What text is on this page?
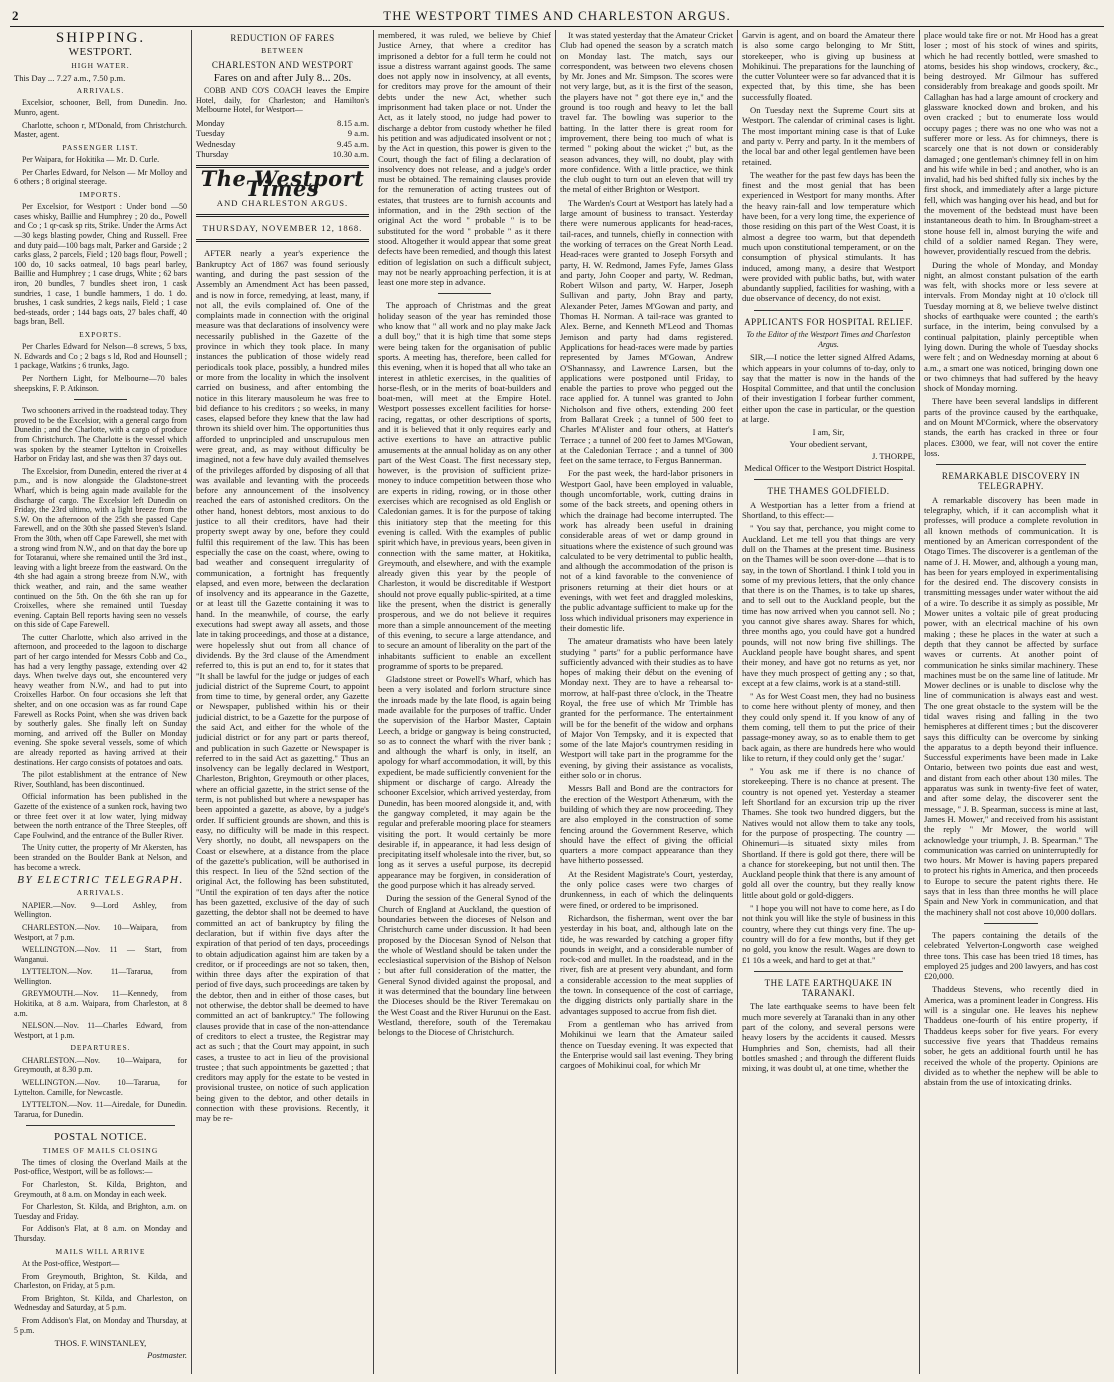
2	THE WESTPORT TIMES AND CHARLESTON ARGUS.
SHIPPING.
WESTPORT.
HIGH WATER.

This Day ... 7.27 a.m., 7.50 p.m.

ARRIVALS.

Excelsior, schooner, Bell, from Dunedin. Jno. Munro, agent.

Charlotte, schoon r, M'Donald, from Christchurch. Master, agent.

PASSENGER LIST.

Per Waipara, for Hokitika — Mr. D. Curle.

Per Charles Edward, for Nelson — Mr Molloy and 6 others ; 8 original steerage.

IMPORTS.

Per Excelsior, for Westport : Under bond —50 cases whisky, Baillie and Humphrey ; 20 do., Powell and Co ; 1 qr-cask sp rits, Strike. Under the Arms Act—30 kegs blasting powder, Ching and Russell. Free and duty paid—100 bags malt, Parker and Garside ; 2 carks glass, 2 parcels, Field ; 120 bags flour, Powell ; 100 do, 10 sacks oatmeal, 10 bags pearl barley, Baillie and Humphrey ; 1 case drugs, White ; 62 bars iron, 20 bundles, 7 bundles sheet iron, 1 cask sundries, 1 case, 1 bundle hammers, 1 do. 1 do. brushes, 1 cask sundries, 2 kegs nails, Field ; 1 case bed-steads, order ; 144 bags oats, 27 bales chaff, 40 bags bran, Bell.

EXPORTS.

Per Charles Edward for Nelson—8 screws, 5 bxs, N. Edwards and Co ; 2 bags s ld, Rod and Hounsell ; 1 package, Watkins ; 6 trunks, Jago.

Per Northern Light, for Melbourne—70 bales sheepskins, F. P. Atkinson.

Two schooners arrived in the roadstead today. They proved to be the Excelsior, with a general cargo from Dunedin ; and the Charlotte, with a cargo of produce from Christchurch. The Charlotte is the vessel which was spoken by the steamer Lyttelton in Croixelles Harbor on Friday last, and she was then 37 days out.

The Excelsior, from Dunedin, entered the river at 4 p.m., and is now alongside the Gladstone-street Wharf, which is being again made available for the discharge of cargo. The Excelsior left Dunedin on Friday, the 23rd ultimo, with a light breeze from the S.W. On the afternoon of the 25th she passed Cape Farewell, and on the 30th she passed Steven's Island. From the 30th, when off Cape Farewell, she met with a strong wind from N.W., and on that day the bore up for Totaranui, where she remained until the 3rd inst., leaving with a light breeze from the eastward. On the 4th she had again a strong breeze from N.W., with thick weather, and rain, and the same weather continued on the 5th. On the 6th she ran up for Croixelles, where she remained until Tuesday evening. Captain Bell reports having seen no vessels on this side of Cape Farewell.

The cutter Charlotte, which also arrived in the afternoon, and proceeded to the lagoon to discharge part of her cargo intended for Messrs Cobb and Co., has had a very lengthy passage, extending over 42 days. When twelve days out, she encountered very heavy weather from N.W., and had to put into Croixelles Harbor. On four occasions she left that shelter, and on one occasion was as far round Cape Farewell as Rocks Point, when she was driven back by southerly gales. She finally left on Sunday morning, and arrived off the Buller on Monday evening. She spoke several vessels, some of which are already reported as having arrived at their destinations. Her cargo consists of potatoes and oats.

The pilot establishment at the entrance of New River, Southland, has been discontinued.

Official information has been published in the Gazette of the existence of a sunken rock, having two or three feet over it at low water, lying midway between the north entrance of the Three Steeples, off Cape Foulwind, and the entrance of the Buller River.

The Unity cutter, the property of Mr Akersten, has been stranded on the Boulder Bank at Nelson, and has become a wreck.

BY ELECTRIC TELEGRAPH.
ARRIVALS.

NAPIER.—Nov. 9—Lord Ashley, from Wellington.

CHARLESTON.—Nov. 10—Waipara, from Westport, at 7 p.m.

WELLINGTON.—Nov. 11 — Start, from Wanganui.

LYTTELTON.—Nov. 11—Tararua, from Wellington.

GREYMOUTH.—Nov. 11—Kennedy, from Hokitika, at 8 a.m. Waipara, from Charleston, at 8 a.m.

NELSON.—Nov. 11—Charles Edward, from Westport, at 1 p.m.

DEPARTURES.

CHARLESTON.—Nov. 10—Waipara, for Greymouth, at 8.30 p.m.

WELLINGTON.—Nov. 10—Tararua, for Lyttelton. Camille, for Newcastle.

LYTTELTON.—Nov. 11—Airedale, for Dunedin. Tararua, for Dunedin.

POSTAL NOTICE.
TIMES OF MAILS CLOSING

The times of closing the Overland Mails at the Post-office, Westport, will be as follows:—

For Charleston, St. Kilda, Brighton, and Greymouth, at 8 a.m. on Monday in each week.

For Charleston, St. Kilda, and Brighton, a.m. on Tuesday and Friday.

For Addison's Flat, at 8 a.m. on Monday and Thursday.

MAILS WILL ARRIVE

At the Post-office, Westport—

From Greymouth, Brighton, St. Kilda, and Charleston, on Friday, at 5 p.m.

From Brighton, St. Kilda, and Charleston, on Wednesday and Saturday, at 5 p.m.

From Addison's Flat, on Monday and Thursday, at 5 p.m.

THOS. F. WINSTANLEY,
Postmaster.
REDUCTION OF FARES
BETWEEN
CHARLESTON AND WESTPORT

Fares on and after July 8... 20s.

COBB AND CO'S COACH leaves the Empire Hotel, daily, for Charleston; and Hamilton's Melbourne Hotel, for Westport—

Monday	8.15 a.m.
Tuesday	9 a.m.
Wednesday	9.45 a.m.
Thursday	10.30 a.m.
The Westport Times
AND CHARLESTON ARGUS.
THURSDAY, NOVEMBER 12, 1868.

AFTER nearly a year's experience the Bankruptcy Act of 1867 was found seriously wanting, and during the past session of the Assembly an Amendment Act has been passed, and is now in force, remedying, at least, many, if not all, the evils complained of. One of the complaints made in connection with the original measure was that declarations of insolvency were necessarily published in the Gazette of the province in which they took place. In many instances the publication of those widely read periodicals took place, possibly, a hundred miles or more from the locality in which the insolvent carried on business, and after entombing the notice in this literary mausoleum he was free to bid defiance to his creditors ; so weeks, in many cases, elapsed before they knew that the law had thrown its shield over him. The opportunities thus afforded to unprincipled and unscrupulous men were great, and, as may without difficulty be imagined, not a few have duly availed themselves of the privileges afforded by disposing of all that was available and levanting with the proceeds before any announcement of the insolvency reached the ears of astonished creditors. On the other hand, honest debtors, most anxious to do justice to all their creditors, have had their property swept away by one, before they could fulfil this requirement of the law. This has been especially the case on the coast, where, owing to bad weather and consequent irregularity of communication, a fortnight has frequently elapsed, and even more, between the declaration of insolvency and its appearance in the Gazette, or at least till the Gazette containing it was to hand. In the meanwhile, of course, the early executions had swept away all assets, and those late in taking proceedings, and those at a distance, were hopelessly shut out from all chance of dividends. By the 3rd clause of the Amendment referred to, this is put an end to, for it states that "It shall be lawful for the judge or judges of each judicial district of the Supreme Court, to appoint from time to time, by general order, any Gazette or Newspaper, published within his or their judicial district, to be a Gazette for the purpose of the said Act, and either for the whole of the judicial district or for any part or parts thereof, and publication in such Gazette or Newspaper is referred to in the said Act as gazetting." Thus an insolvency can be legally declared in Westport, Charleston, Brighton, Greymouth or other places, where an official gazette, in the strict sense of the term, is not published but where a newspaper has been appointed a gazette, as above, by a judge's order. If sufficient grounds are shown, and this is easy, no difficulty will be made in this respect. Very shortly, no doubt, all newspapers on the Coast or elsewhere, at a distance from the place of the gazette's publication, will be authorised in this respect. In lieu of the 52nd section of the original Act, the following has been substituted, "Until the expiration of ten days after the notice has been gazetted, exclusive of the day of such gazetting, the debtor shall not be deemed to have committed an act of bankruptcy by filing the declaration, but if within five days after the expiration of that period of ten days, proceedings to obtain adjudication against him are taken by a creditor, or if proceedings are not so taken, then, within three days after the expiration of that period of five days, such proceedings are taken by the debtor, then and in either of those cases, but not otherwise, the debtor shall be deemed to have committed an act of bankruptcy." The following clauses provide that in case of the non-attendance of creditors to elect a trustee, the Registrar may act as such ; that the Court may appoint, in such cases, a trustee to act in lieu of the provisional trustee ; that such appointments be gazetted ; that creditors may apply for the estate to be vested in provisional trustee, on notice of such application being given to the debtor, and other details in connection with these provisions. Recently, it may be re-

membered, it was ruled, we believe by Chief Justice Arney, that where a creditor has imprisoned a debtor for a full term he could not issue a distress warrant against goods. The same does not apply now in insolvency, at all events, for creditors may prove for the amount of their debts under the new Act, whether such imprisonment had taken place or not. Under the Act, as it lately stood, no judge had power to discharge a debtor from custody whether he filed his petition and was adjudicated insolvent or not ; by the Act in question, this power is given to the Court, though the fact of filing a declaration of insolvency does not release, and a judge's order must be obtained. The remaining clauses provide for the remuneration of acting trustees out of estates, that trustees are to furnish accounts and information, and in the 29th section of the original Act the word " probable " is to be substituted for the word " probable " as it there stood. Altogether it would appear that some great defects have been remedied, and though this latest edition of legislation on such a difficult subject, may not be nearly approaching perfection, it is at least one more step in advance.

The approach of Christmas and the great holiday season of the year has reminded those who know that " all work and no play make Jack a dull boy," that it is high time that some steps were being taken for the organisation of public sports. A meeting has, therefore, been called for this evening, when it is hoped that all who take an interest in athletic exercises, in the qualities of horse-flesh, or in the merits of boat-builders and boat-men, will meet at the Empire Hotel. Westport possesses excellent facilities for horse-racing, regattas, or other descriptions of sports, and it is believed that it only requires early and active exertions to have an attractive public amusements at the annual holiday as on any other part of the West Coast. The first necessary step, however, is the provision of sufficient prize-money to induce competition between those who are experts in riding, rowing, or in those other exercises which are recognised as old English or Caledonian games. It is for the purpose of taking this initiatory step that the meeting for this evening is called. With the examples of public spirit which have, in previous years, been given in connection with the same matter, at Hokitika, Greymouth, and elsewhere, and with the example already given this year by the people of Charleston, it would be discreditable if Westport should not prove equally public-spirited, at a time like the present, when the district is generally prosperous, and we do not believe it requires more than a simple announcement of the meeting of this evening, to secure a large attendance, and to secure an amount of liberality on the part of the inhabitants sufficient to enable an excellent programme of sports to be prepared.

Gladstone street or Powell's Wharf, which has been a very isolated and forlorn structure since the inroads made by the late flood, is again being made available for the purposes of traffic. Under the supervision of the Harbor Master, Captain Leech, a bridge or gangway is being constructed, so as to connect the wharf with the river bank ; and although the wharf is only, in itself, an apology for wharf accommodation, it will, by this expedient, be made sufficiently convenient for the shipment or discharge of cargo. Already the schooner Excelsior, which arrived yesterday, from Dunedin, has been moored alongside it, and, with the gangway completed, it may again be the regular and preferable mooring place for steamers visiting the port. It would certainly be more desirable if, in appearance, it had less design of precipitating itself wholesale into the river, but, so long as it serves a useful purpose, its decrepid appearance may be forgiven, in consideration of the good purpose which it has already served.

During the session of the General Synod of the Church of England at Auckland, the question of boundaries between the dioceses of Nelson and Christchurch came under discussion. It had been proposed by the Diocesan Synod of Nelson that the whole of Westland should be taken under the ecclesiastical supervision of the Bishop of Nelson ; but after full consideration of the matter, the General Synod divided against the proposal, and it was determined that the boundary line between the Dioceses should be the River Teremakau on the West Coast and the River Hurunui on the East. Westland, therefore, south of the Teremakau belongs to the Diocese of Christchurch.

It was stated yesterday that the Amateur Cricket Club had opened the season by a scratch match on Monday last. The match, says our correspondent, was between two elevens chosen by Mr. Jones and Mr. Simpson. The scores were not very large, but, as it is the first of the season, the players have not " got there eye in," and the ground is too rough and heavy to let the ball travel far. The bowling was superior to the batting. In the latter there is great room for improvement, there being too much of what is termed " poking about the wicket ;" but, as the season advances, they will, no doubt, play with more confidence. With a little practice, we think the club ought to turn out an eleven that will try the metal of either Brighton or Westport.

The Warden's Court at Westport has lately had a large amount of business to transact. Yesterday there were numerous applicants for head-races, tail-races, and tunnels, chiefly in connection with the working of terraces on the Great North Lead. Head-races were granted to Joseph Forsyth and party, H. W. Redmond, James Fyfe, James Glass and party, John Cooper and party, W. Redman, Robert Wilson and party, W. Harper, Joseph Sullivan and party, John Bray and party, Alexander Peter, James M'Gowan and party, and Thomas H. Norman. A tail-race was granted to Alex. Berne, and Kenneth M'Leod and Thomas Jemison and party had dams registered. Applications for head-races were made by parties represented by James M'Gowan, Andrew O'Shannassy, and Lawrence Larsen, but the applications were postponed until Friday, to enable the parties to prove who pegged out the race applied for. A tunnel was granted to John Nicholson and five others, extending 200 feet from Ballarat Creek ; a tunnel of 500 feet to Charles M'Alister and four others, at Hatter's Terrace ; a tunnel of 200 feet to James M'Gowan, at the Caledonian Terrace ; and a tunnel of 300 feet on the same terrace, to Fergus Bannerman.

For the past week, the hard-labor prisoners in Westport Gaol, have been employed in valuable, though uncomfortable, work, cutting drains in some of the back streets, and opening others in which the drainage had become interrupted. The work has already been useful in draining considerable areas of wet or damp ground in situations where the existence of such ground was calculated to be very detrimental to public health, and although the accommodation of the prison is not of a kind favorable to the convenience of prisoners returning at their diet hours or at evenings, with wet feet and draggled moleskins, the public advantage sufficient to make up for the loss which individual prisoners may experience in their domestic life.

The amateur dramatists who have been lately studying " parts" for a public performance have sufficiently advanced with their studies as to have hopes of making their début on the evening of Monday next. They are to have a rehearsal to-morrow, at half-past three o'clock, in the Theatre Royal, the free use of which Mr Trimble has granted for the performance. The entertainment will be for the benefit of the widow and orphans of Major Von Tempsky, and it is expected that some of the late Major's countrymen residing in Westport will take part in the programme for the evening, by giving their assistance as vocalists, either solo or in chorus.

Messrs Ball and Bond are the contractors for the erection of the Westport Athenæum, with the building of which they are now proceeding. They are also employed in the construction of some fencing around the Government Reserve, which should have the effect of giving the official quarters a more compact appearance than they have hitherto possessed.

At the Resident Magistrate's Court, yesterday, the only police cases were two charges of drunkenness, in each of which the delinquents were fined, or ordered to be imprisoned.

Richardson, the fisherman, went over the bar yesterday in his boat, and, although late on the tide, he was rewarded by catching a groper fifty pounds in weight, and a considerable number of rock-cod and mullet. In the roadstead, and in the river, fish are at present very abundant, and form a considerable accession to the meat supplies of the town. In consequence of the cost of carriage, the digging districts only partially share in the advantages supposed to accrue from fish diet.

From a gentleman who has arrived from Mohikinui we learn that the Amateur sailed thence on Tuesday evening. It was expected that the Enterprise would sail last evening. They bring cargoes of Mohikinui coal, for which Mr

Garvin is agent, and on board the Amateur there is also some cargo belonging to Mr Stitt, storekeeper, who is giving up business at Mohikinui. The preparations for the launching of the cutter Volunteer were so far advanced that it is expected that, by this time, she has been successfully floated.

On Tuesday next the Supreme Court sits at Westport. The calendar of criminal cases is light. The most important mining case is that of Luke and party v. Perry and party. In it the members of the local bar and other legal gentlemen have been retained.

The weather for the past few days has been the finest and the most genial that has been experienced in Westport for many months. After the heavy rain-fall and low temperature which have been, for a very long time, the experience of those residing on this part of the West Coast, it is almost a degree too warm, but that dependeth much upon constitutional temperament, or on the consumption of physical stimulants. It has induced, among many, a desire that Westport were provided with public baths, but, with water abundantly supplied, facilities for washing, with a due observance of decency, do not exist.

APPLICANTS FOR HOSPITAL RELIEF.

To the Editor of the Westport Times and Charleston Argus.

SIR,—I notice the letter signed Alfred Adams, which appears in your columns of to-day, only to say that the matter is now in the hands of the Hospital Committee, and that until the conclusion of their investigation I forbear further comment, either upon the case in particular, or the question at large.

I am, Sir,
Your obedient servant,
J. THORPE,
Medical Officer to the Westport District Hospital.
THE THAMES GOLDFIELD.

A Westportian has a letter from a friend at Shortland, to this effect:—

" You say that, perchance, you might come to Auckland. Let me tell you that things are very dull on the Thames at the present time. Business on the Thames will be soon over-done —that is to say, in the town of Shortland. I think I told you in some of my previous letters, that the only chance that there is on the Thames, is to take up shares, and to sell out to the Auckland people, but the time has now arrived when you cannot sell. No ; you cannot give shares away. Shares for which, three months ago, you could have got a hundred pounds, will not now bring five shillings. The Auckland people have bought shares, and spent their money, and have got no returns as yet, nor have they much prospect of getting any ; so that, except at a few claims, work is at a stand-still.

" As for West Coast men, they had no business to come here without plenty of money, and then they could only spend it. If you know of any of them coming, tell them to put the price of their passage-money away, so as to enable them to get back again, as there are hundreds here who would like to return, if they could only get the ' sugar.'

" You ask me if there is no chance of storekeeping. There is no chance at present. The country is not opened yet. Yesterday a steamer left Shortland for an excursion trip up the river Thames. She took two hundred diggers, but the Natives would not allow them to take any tools, for the purpose of prospecting. The country — Ohinemuri—is situated sixty miles from Shortland. If there is gold got there, there will be a chance for storekeeping, but not until then. The Auckland people think that there is any amount of gold all over the country, but they really know little about gold or gold-diggers.

" I hope you will not have to come here, as I do not think you will like the style of business in this country, where they cut things very fine. The up-country will do for a few months, but if they get no gold, you know the result. Wages are down to £1 10s a week, and hard to get at that."

THE LATE EARTHQUAKE IN TARANAKI.

The late earthquake seems to have been felt much more severely at Taranaki than in any other part of the colony, and several persons were heavy losers by the accidents it caused. Messrs Humphries and Son, chemists, had all their bottles smashed ; and through the different fluids mixing, it was doubt ul, at one time, whether the

place would take fire or not. Mr Hood has a great loser ; most of his stock of wines and spirits, which he had recently bottled, were smashed to atoms, besides his shop windows, crockery, &c., being destroyed. Mr Gilmour has suffered considerably from breakage and goods spoilt. Mr Callaghan has had a large amount of crockery and glassware knocked down and broken, and his oven cracked ; but to enumerate loss would occupy pages ; there was no one who was not a sufferer more or less. As for chimneys, there is scarcely one that is not down or considerably damaged ; one gentleman's chimney fell in on him and his wife while in bed ; and another, who is an invalid, had his bed shifted fully six inches by the first shock, and immediately after a large picture fell, which was hanging over his head, and but for the movement of the bedstead must have been instantaneous death to him. In Brougham-street a stone house fell in, almost burying the wife and child of a soldier named Regan. They were, however, providentially rescued from the debris.

During the whole of Monday, and Monday night, an almost constant pulsation of the earth was felt, with shocks more or less severe at intervals. From Monday night at 10 o'clock till Tuesday morning at 8, we believe twelve distinct shocks of earthquake were counted ; the earth's surface, in the interim, being convulsed by a continual palpitation, plainly perceptible when lying down. During the whole of Tuesday shocks were felt ; and on Wednesday morning at about 6 a.m., a smart one was noticed, bringing down one or two chimneys that had suffered by the heavy shock of Monday morning.

There have been several landslips in different parts of the province caused by the earthquake, and on Mount M'Cormick, where the observatory stands, the earth has cracked in three or four places. £3000, we fear, will not cover the entire loss.

REMARKABLE DISCOVERY IN TELEGRAPHY.

A remarkable discovery has been made in telegraphy, which, if it can accomplish what it professes, will produce a complete revolution in all known methods of communication. It is mentioned by an American correspondent of the Otago Times. The discoverer is a gentleman of the name of J. H. Mower, and, although a young man, has been for years employed in experimentalising for the desired end. The discovery consists in transmitting messages under water without the aid of a wire. To describe it as simply as possible, Mr Mower unites a voltaic pile of great producing power, with an electrical machine of his own making ; these he places in the water at such a depth that they cannot be affected by surface waves or currents. At another point of communication he sinks similar machinery. These machines must be on the same line of latitude. Mr Mower declines or is unable to disclose why the line of communication is always east and west. The one great obstacle to the system will be the tidal waves rising and falling in the two hemispheres at different times ; but the discoverer says this difficulty can be overcome by sinking the apparatus to a depth beyond their influence. Successful experiments have been made in Lake Ontario, between two points due east and west, and distant from each other about 130 miles. The apparatus was sunk in twenty-five feet of water, and after some delay, the discoverer sent the message, " J. B. Spearman, success is mine at last, James H. Mower," and received from his assistant the reply " Mr Mower, the world will acknowledge your triumph, J. B. Spearman." The communication was carried on uninterruptedly for two hours. Mr Mower is having papers prepared to protect his rights in America, and then proceeds to Europe to secure the patent rights there. He says that in less than three months he will place Spain and New York in communication, and that the machinery shall not cost above 10,000 dollars.

The papers containing the details of the celebrated Yelverton-Longworth case weighed three tons. This case has been tried 18 times, has employed 25 judges and 200 lawyers, and has cost £20,000.

Thaddeus Stevens, who recently died in America, was a prominent leader in Congress. His will is a singular one. He leaves his nephew Thaddeus one-fourth of his entire property, if Thaddeus keeps sober for five years. For every successive five years that Thaddeus remains sober, he gets an additional fourth until he has received the whole of the property. Opinions are divided as to whether the nephew will be able to abstain from the use of intoxicating drinks.
